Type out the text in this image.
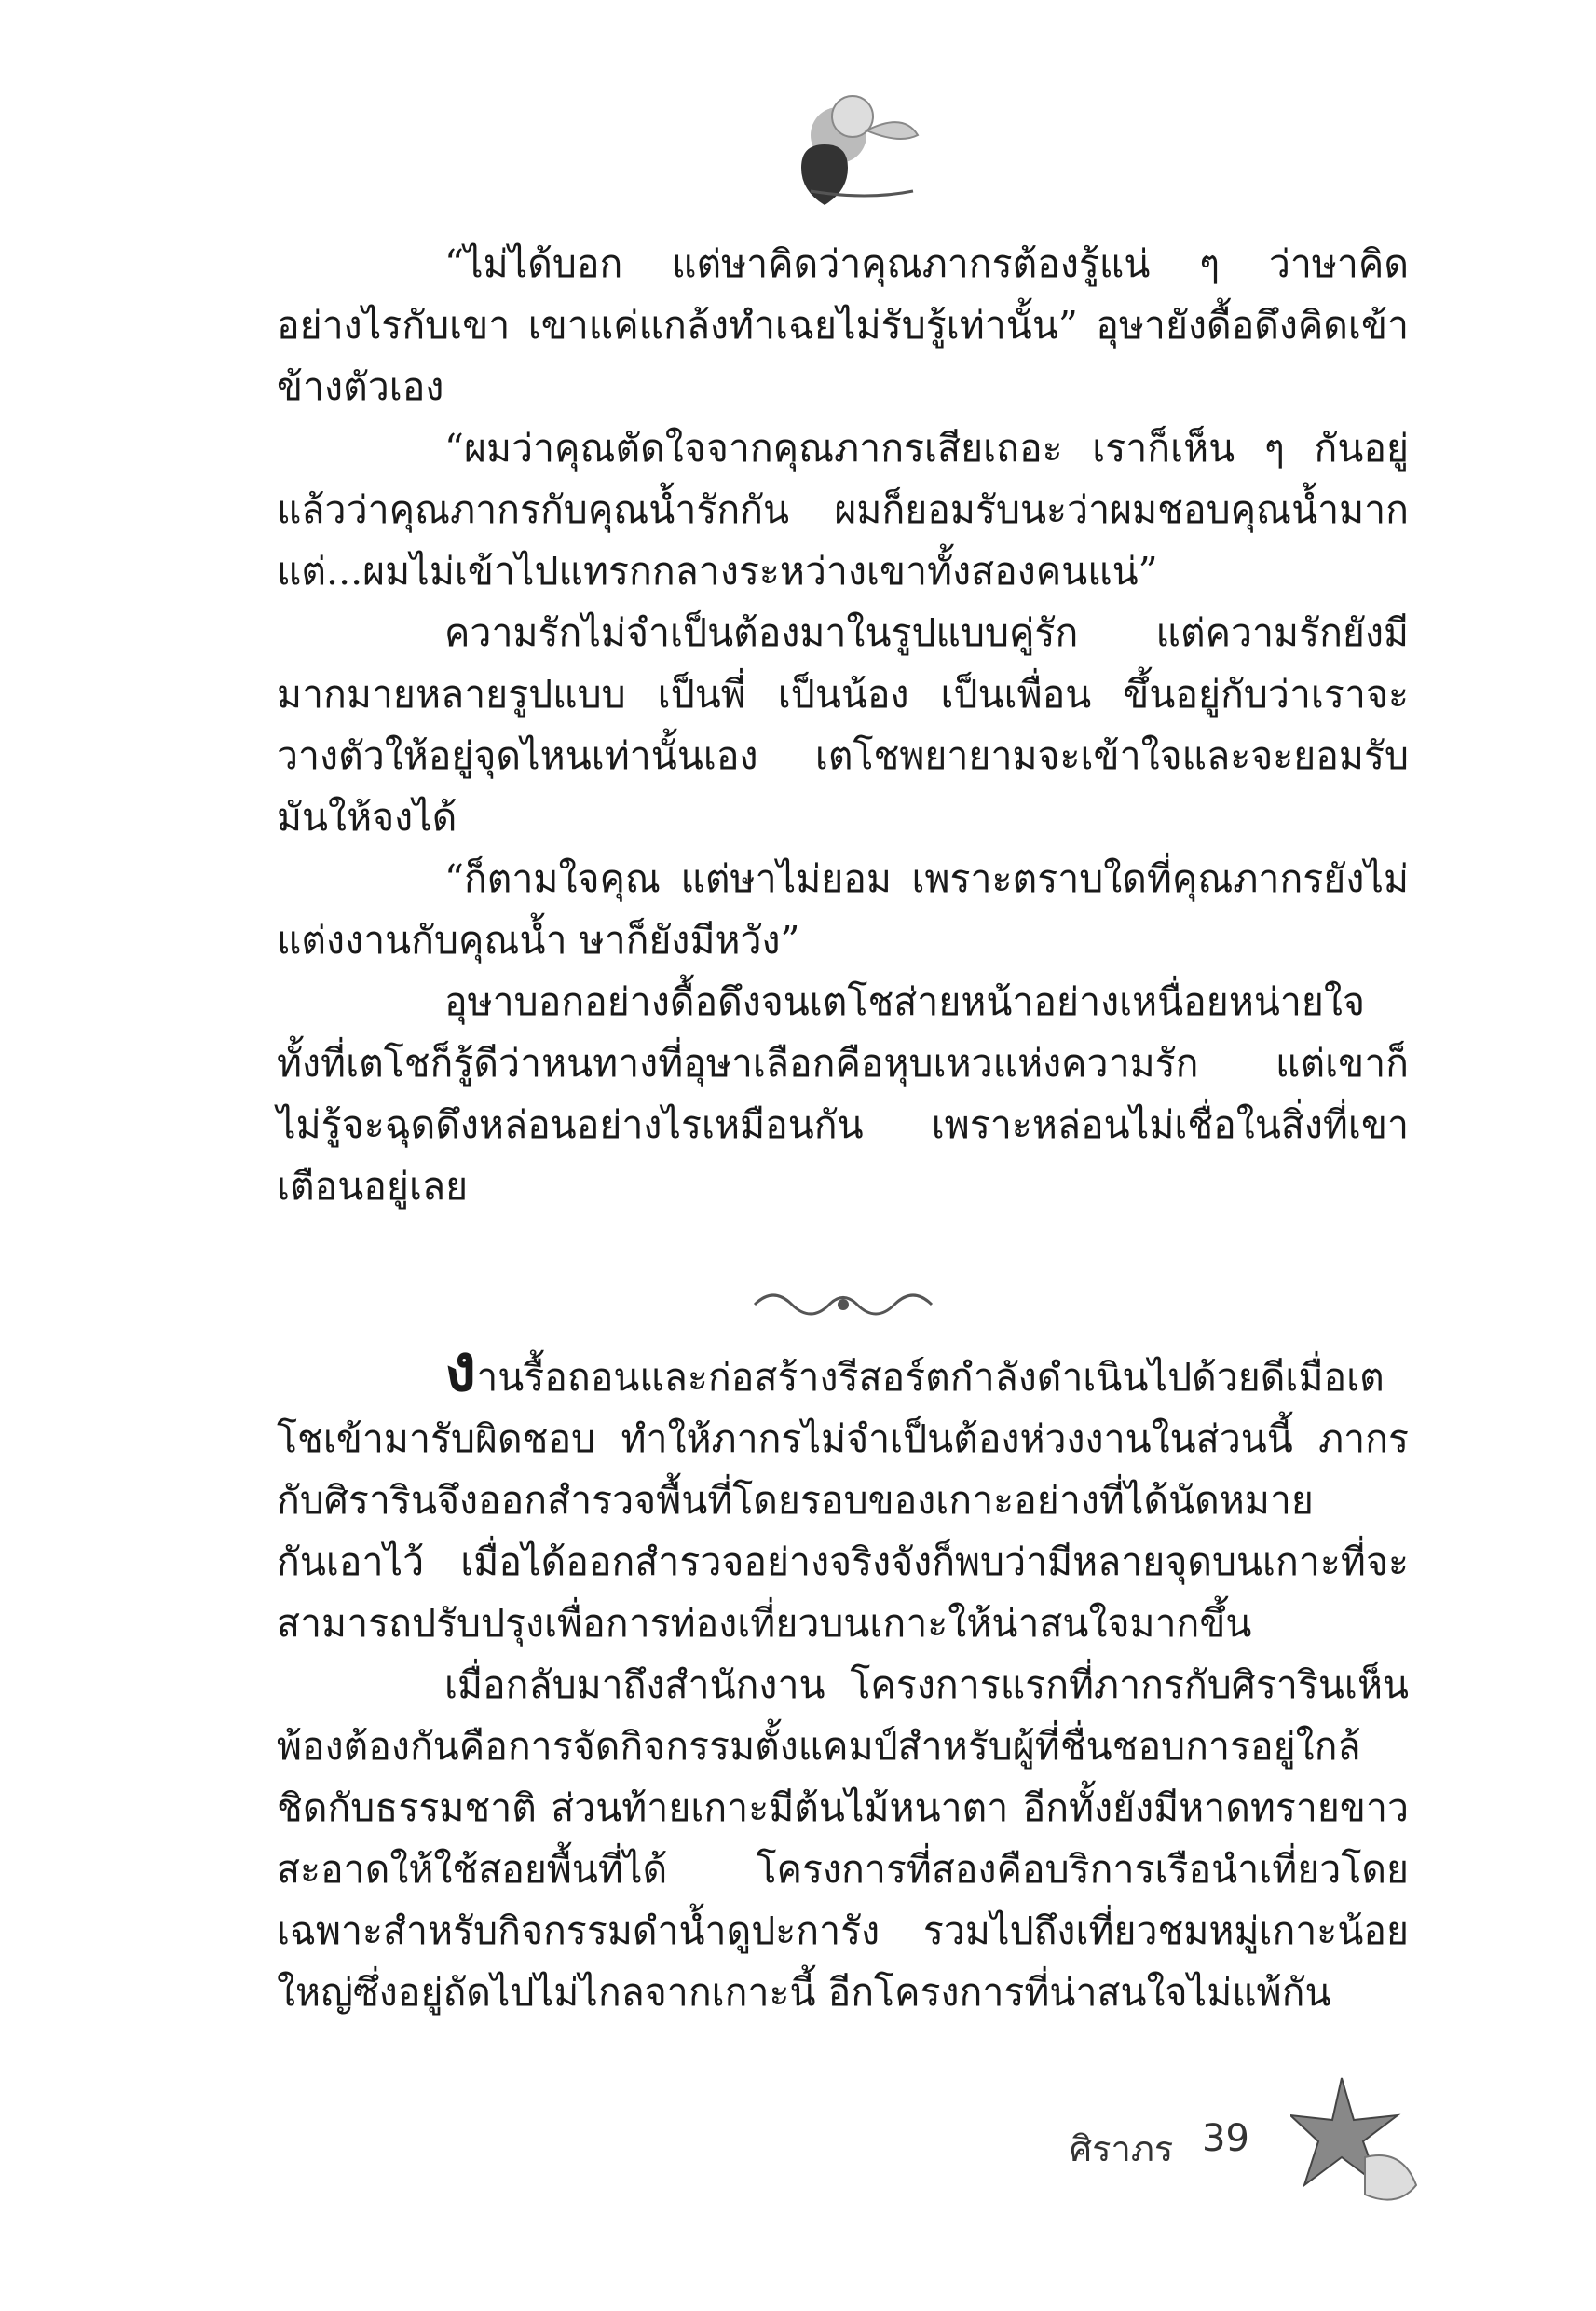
“ไม่ได้บอก แต่ษาคิดว่าคุณภากรต้องรู้แน่ ๆ ว่าษาคิดอย่างไรกับเขา เขาแค่แกล้งทำเฉยไม่รับรู้เท่านั้น” อุษายังดื้อดึงคิดเข้าข้างตัวเอง

“ผมว่าคุณตัดใจจากคุณภากรเสียเถอะ เราก็เห็น ๆ กันอยู่แล้วว่าคุณภากรกับคุณน้ำรักกัน ผมก็ยอมรับนะว่าผมชอบคุณน้ำมาก แต่...ผมไม่เข้าไปแทรกกลางระหว่างเขาทั้งสองคนแน่”

ความรักไม่จำเป็นต้องมาในรูปแบบคู่รัก แต่ความรักยังมีมากมายหลายรูปแบบ เป็นพี่ เป็นน้อง เป็นเพื่อน ขึ้นอยู่กับว่าเราจะวางตัวให้อยู่จุดไหนเท่านั้นเอง เตโชพยายามจะเข้าใจและจะยอมรับมันให้จงได้

“ก็ตามใจคุณ แต่ษาไม่ยอม เพราะตราบใดที่คุณภากรยังไม่แต่งงานกับคุณน้ำ ษาก็ยังมีหวัง”

อุษาบอกอย่างดื้อดึงจนเตโชส่ายหน้าอย่างเหนื่อยหน่ายใจ ทั้งที่เตโชก็รู้ดีว่าหนทางที่อุษาเลือกคือหุบเหวแห่งความรัก แต่เขาก็ไม่รู้จะฉุดดึงหล่อนอย่างไรเหมือนกัน เพราะหล่อนไม่เชื่อในสิ่งที่เขาเตือนอยู่เลย

งานรื้อถอนและก่อสร้างรีสอร์ตกำลังดำเนินไปด้วยดีเมื่อเตโชเข้ามารับผิดชอบ ทำให้ภากรไม่จำเป็นต้องห่วงงานในส่วนนี้ ภากรกับศิรารินจึงออกสำรวจพื้นที่โดยรอบของเกาะอย่างที่ได้นัดหมายกันเอาไว้ เมื่อได้ออกสำรวจอย่างจริงจังก็พบว่ามีหลายจุดบนเกาะที่จะสามารถปรับปรุงเพื่อการท่องเที่ยวบนเกาะให้น่าสนใจมากขึ้น

เมื่อกลับมาถึงสำนักงาน โครงการแรกที่ภากรกับศิรารินเห็นพ้องต้องกันคือการจัดกิจกรรมตั้งแคมป์สำหรับผู้ที่ชื่นชอบการอยู่ใกล้ชิดกับธรรมชาติ ส่วนท้ายเกาะมีต้นไม้หนาตา อีกทั้งยังมีหาดทรายขาวสะอาดให้ใช้สอยพื้นที่ได้ โครงการที่สองคือบริการเรือนำเที่ยวโดยเฉพาะสำหรับกิจกรรมดำน้ำดูปะการัง รวมไปถึงเที่ยวชมหมู่เกาะน้อยใหญ่ซึ่งอยู่ถัดไปไม่ไกลจากเกาะนี้ อีกโครงการที่น่าสนใจไม่แพ้กัน

ศิราภร 39
